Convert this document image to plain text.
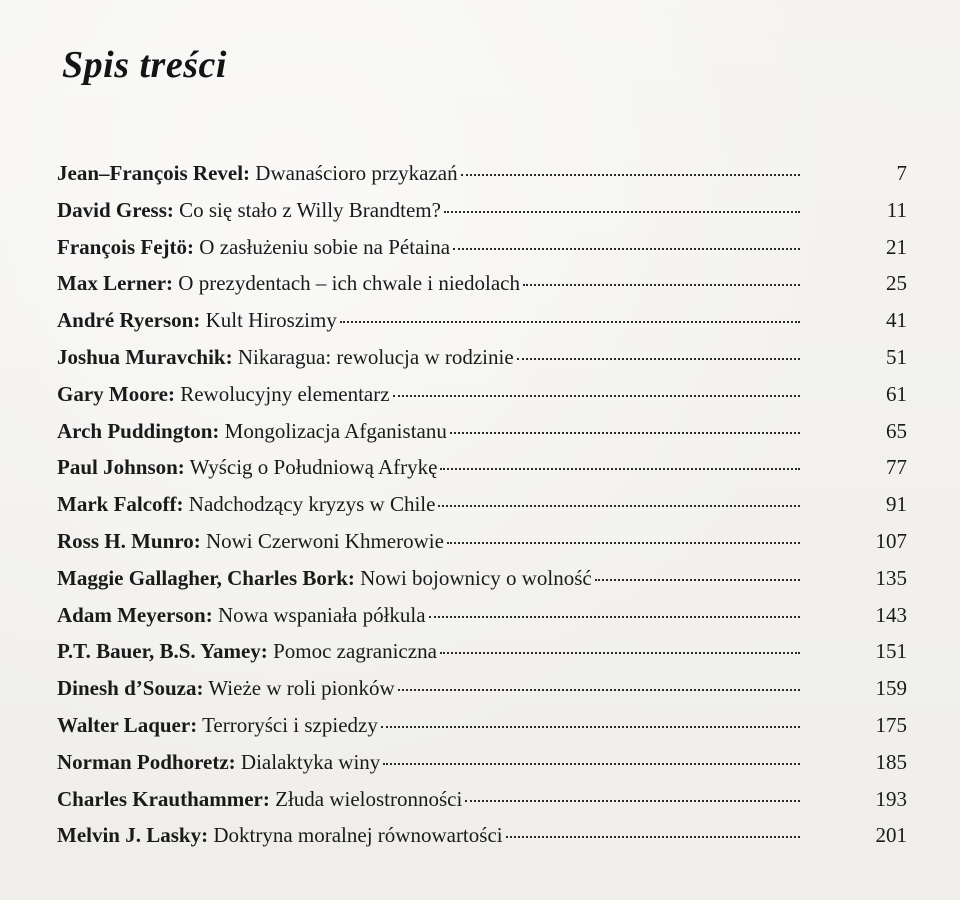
Spis treści
Jean–François Revel: Dwanaścioro przykazań	7
David Gress: Co się stało z Willy Brandtem?	11
François Fejtö: O zasłużeniu sobie na Pétaina	21
Max Lerner: O prezydentach – ich chwale i niedolach	25
André Ryerson: Kult Hiroszimy	41
Joshua Muravchik: Nikaragua: rewolucja w rodzinie	51
Gary Moore: Rewolucyjny elementarz	61
Arch Puddington: Mongolizacja Afganistanu	65
Paul Johnson: Wyścig o Południową Afrykę	77
Mark Falcoff: Nadchodzący kryzys w Chile	91
Ross H. Munro: Nowi Czerwoni Khmerowie	107
Maggie Gallagher, Charles Bork: Nowi bojownicy o wolność	135
Adam Meyerson: Nowa wspaniała półkula	143
P.T. Bauer, B.S. Yamey: Pomoc zagraniczna	151
Dinesh d’Souza: Wieże w roli pionków	159
Walter Laquer: Terroryści i szpiedzy	175
Norman Podhoretz: Dialaktyka winy	185
Charles Krauthammer: Złuda wielostronności	193
Melvin J. Lasky: Doktryna moralnej równowartości	201
